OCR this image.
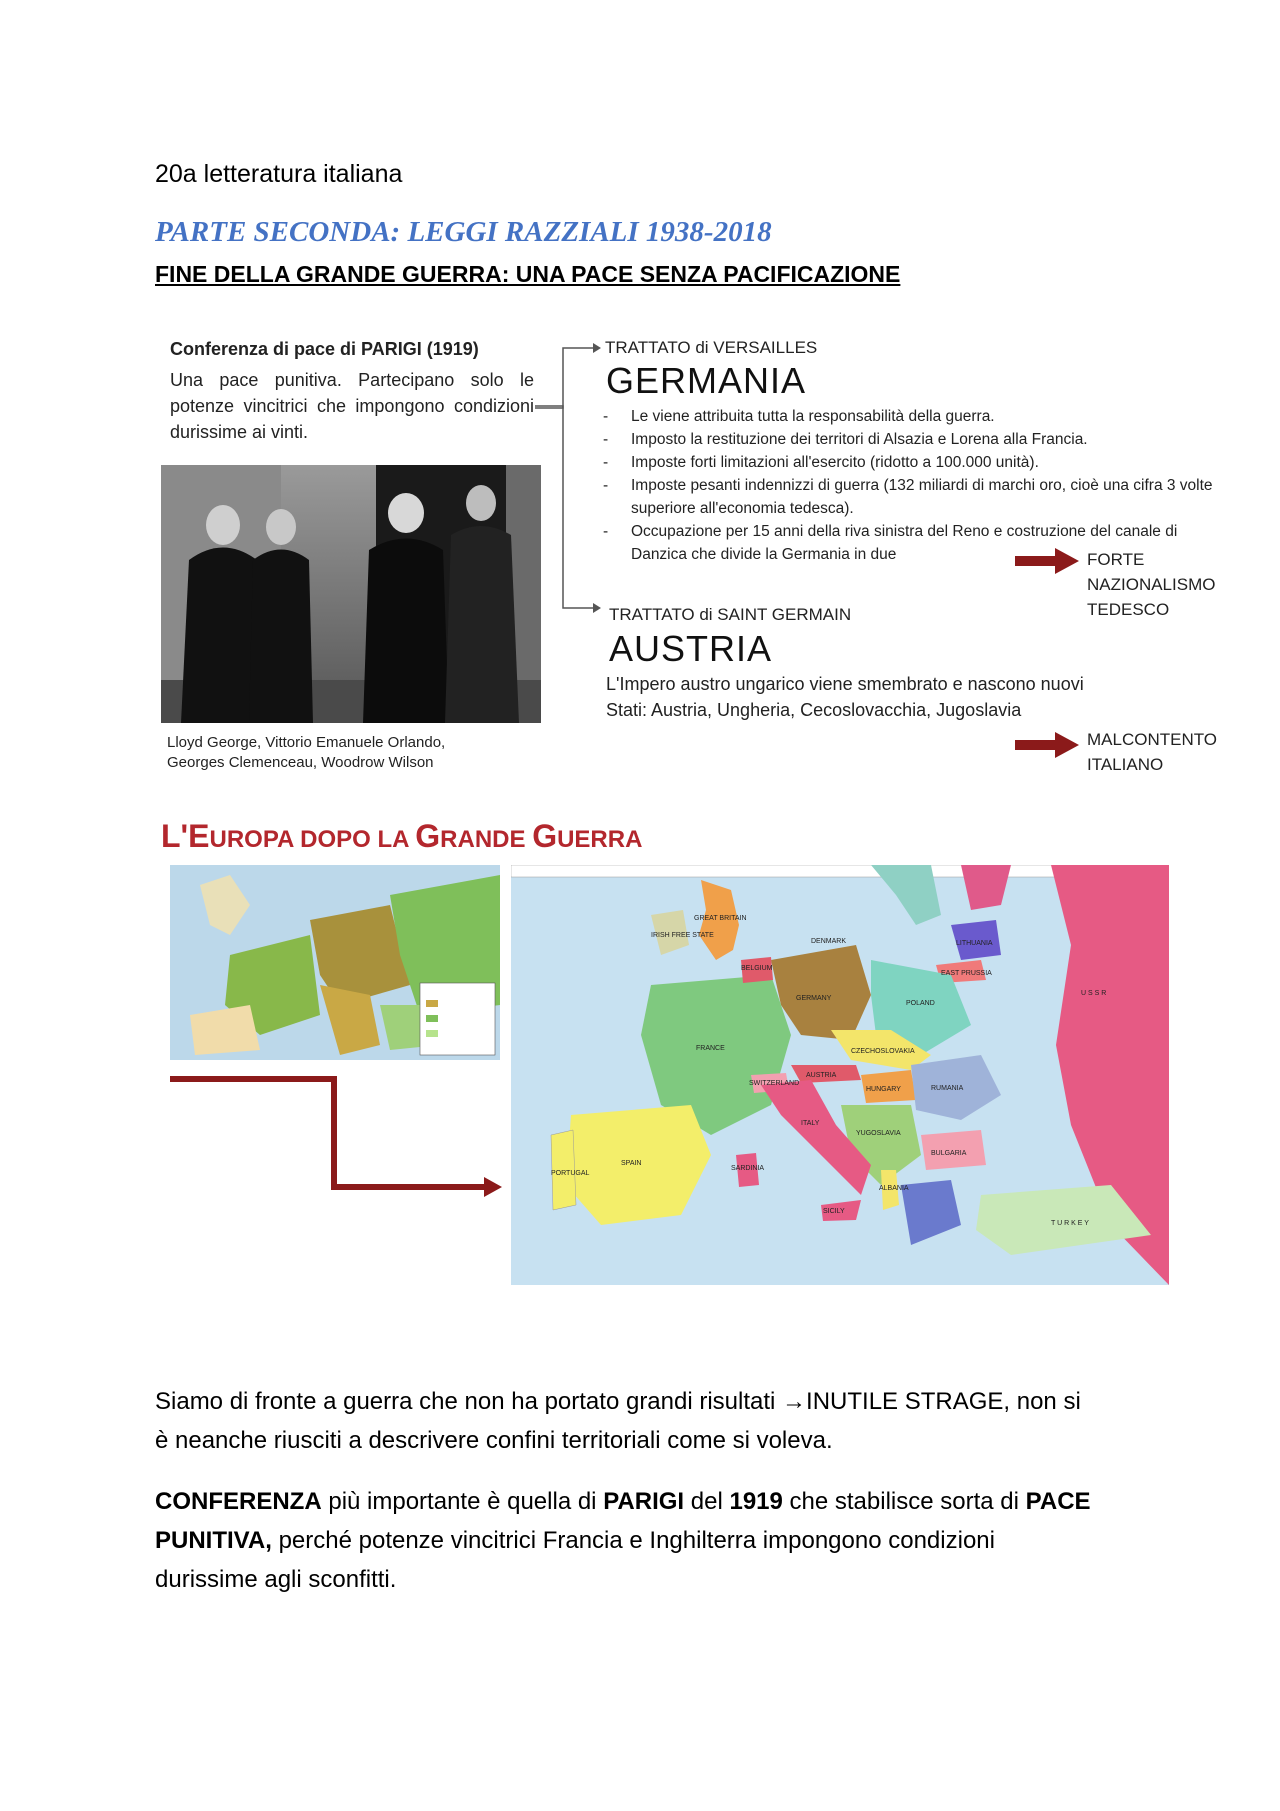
20a letteratura italiana
PARTE SECONDA: LEGGI RAZZIALI 1938-2018
FINE DELLA GRANDE GUERRA: UNA PACE SENZA PACIFICAZIONE
Conferenza di pace di PARIGI (1919)
Una pace punitiva. Partecipano solo le potenze vincitrici che impongono condizioni durissime ai vinti.
Lloyd George, Vittorio Emanuele Orlando,
Georges Clemenceau, Woodrow Wilson
TRATTATO di VERSAILLES
GERMANIA
- Le viene attribuita tutta la responsabilità della guerra.
- Imposto la restituzione dei territori di Alsazia e Lorena alla Francia.
- Imposte forti limitazioni all'esercito (ridotto a 100.000 unità).
- Imposte pesanti indennizzi di guerra (132 miliardi di marchi oro, cioè una cifra 3 volte superiore all'economia tedesca).
- Occupazione per 15 anni della riva sinistra del Reno e costruzione del canale di Danzica che divide la Germania in due	FORTE
NAZIONALISMO
TEDESCO
TRATTATO di SAINT GERMAIN
AUSTRIA
L'Impero austro ungarico viene smembrato e nascono nuovi
Stati: Austria, Ungheria, Cecoslovacchia, Jugoslavia
MALCONTENTO
ITALIANO
L'EUROPA DOPO LA GRANDE GUERRA
GREAT BRITAIN
IRISH FREE STATE
DENMARK
GERMANY
FRANCE
SPAIN
PORTUGAL
POLAND
LITHUANIA
EAST PRUSSIA
U S S R
CZECHOSLOVAKIA
AUSTRIA
HUNGARY
SWITZERLAND
RUMANIA
YUGOSLAVIA
BULGARIA
ALBANIA
T U R K E Y
ITALY
BELGIUM
SARDINIA
SICILY
Siamo di fronte a guerra che non ha portato grandi risultati →INUTILE STRAGE, non si
è neanche riusciti a descrivere confini territoriali come si voleva.
CONFERENZA più importante è quella di PARIGI del 1919 che stabilisce sorta di PACE
PUNITIVA, perché potenze vincitrici Francia e Inghilterra impongono condizioni
durissime agli sconfitti.
